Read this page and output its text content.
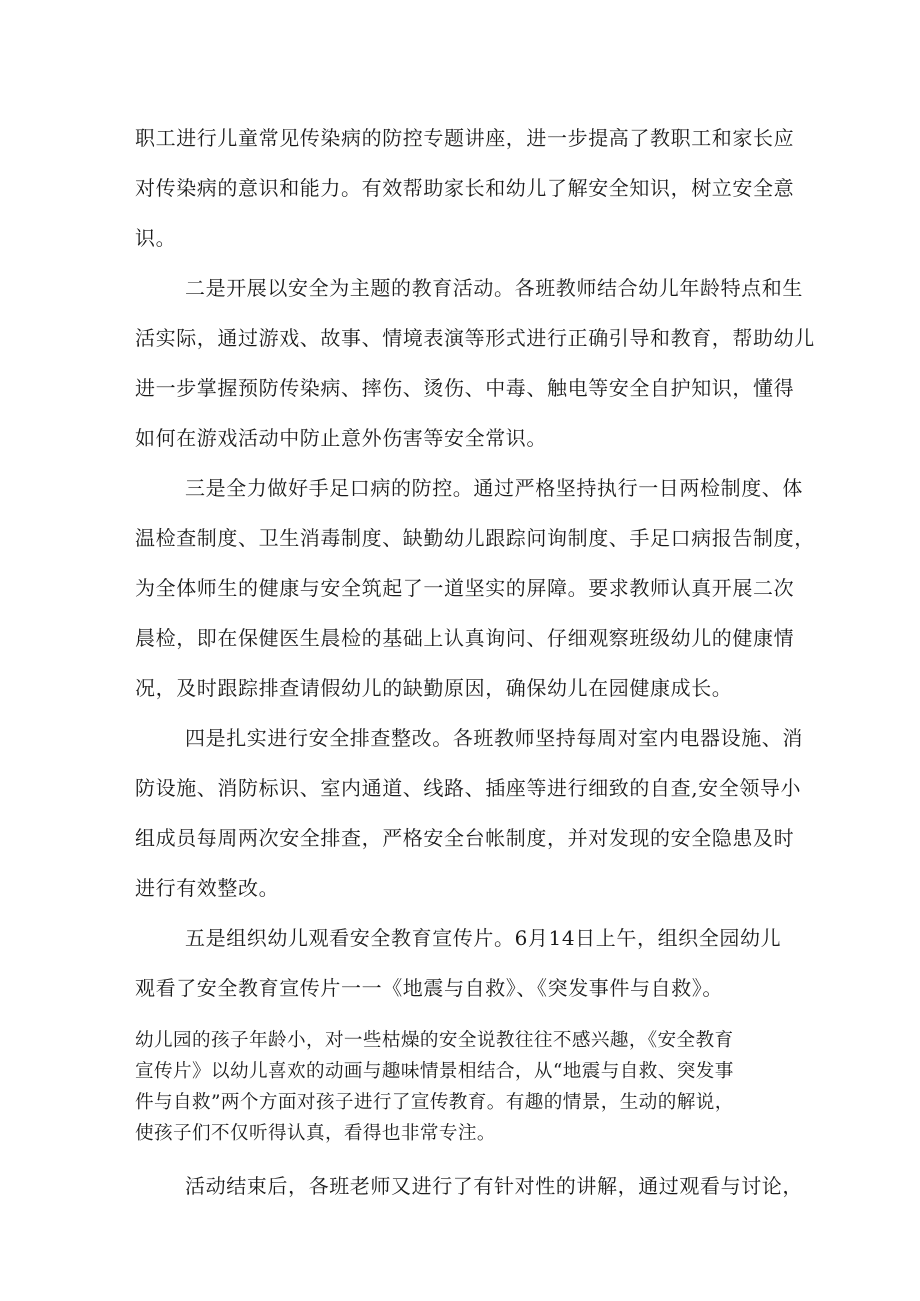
职工进行儿童常见传染病的防控专题讲座，进一步提高了教职工和家长应
对传染病的意识和能力。有效帮助家长和幼儿了解安全知识，树立安全意
识。
二是开展以安全为主题的教育活动。各班教师结合幼儿年龄特点和生
活实际，通过游戏、故事、情境表演等形式进行正确引导和教育，帮助幼儿
进一步掌握预防传染病、摔伤、烫伤、中毒、触电等安全自护知识，懂得
如何在游戏活动中防止意外伤害等安全常识。
三是全力做好手足口病的防控。通过严格坚持执行一日两检制度、体
温检查制度、卫生消毒制度、缺勤幼儿跟踪问询制度、手足口病报告制度，
为全体师生的健康与安全筑起了一道坚实的屏障。要求教师认真开展二次
晨检，即在保健医生晨检的基础上认真询问、仔细观察班级幼儿的健康情
况，及时跟踪排查请假幼儿的缺勤原因，确保幼儿在园健康成长。
四是扎实进行安全排查整改。各班教师坚持每周对室内电器设施、消
防设施、消防标识、室内通道、线路、插座等进行细致的自查,安全领导小
组成员每周两次安全排查，严格安全台帐制度，并对发现的安全隐患及时
进行有效整改。
五是组织幼儿观看安全教育宣传片。6月14日上午，组织全园幼儿
观看了安全教育宣传片一一《地震与自救》、《突发事件与自救》。
幼儿园的孩子年龄小，对一些枯燥的安全说教往往不感兴趣，《安全教育
宣传片》以幼儿喜欢的动画与趣味情景相结合，从“地震与自救、突发事
件与自救”两个方面对孩子进行了宣传教育。有趣的情景，生动的解说，
使孩子们不仅听得认真，看得也非常专注。
活动结束后，各班老师又进行了有针对性的讲解，通过观看与讨论，
